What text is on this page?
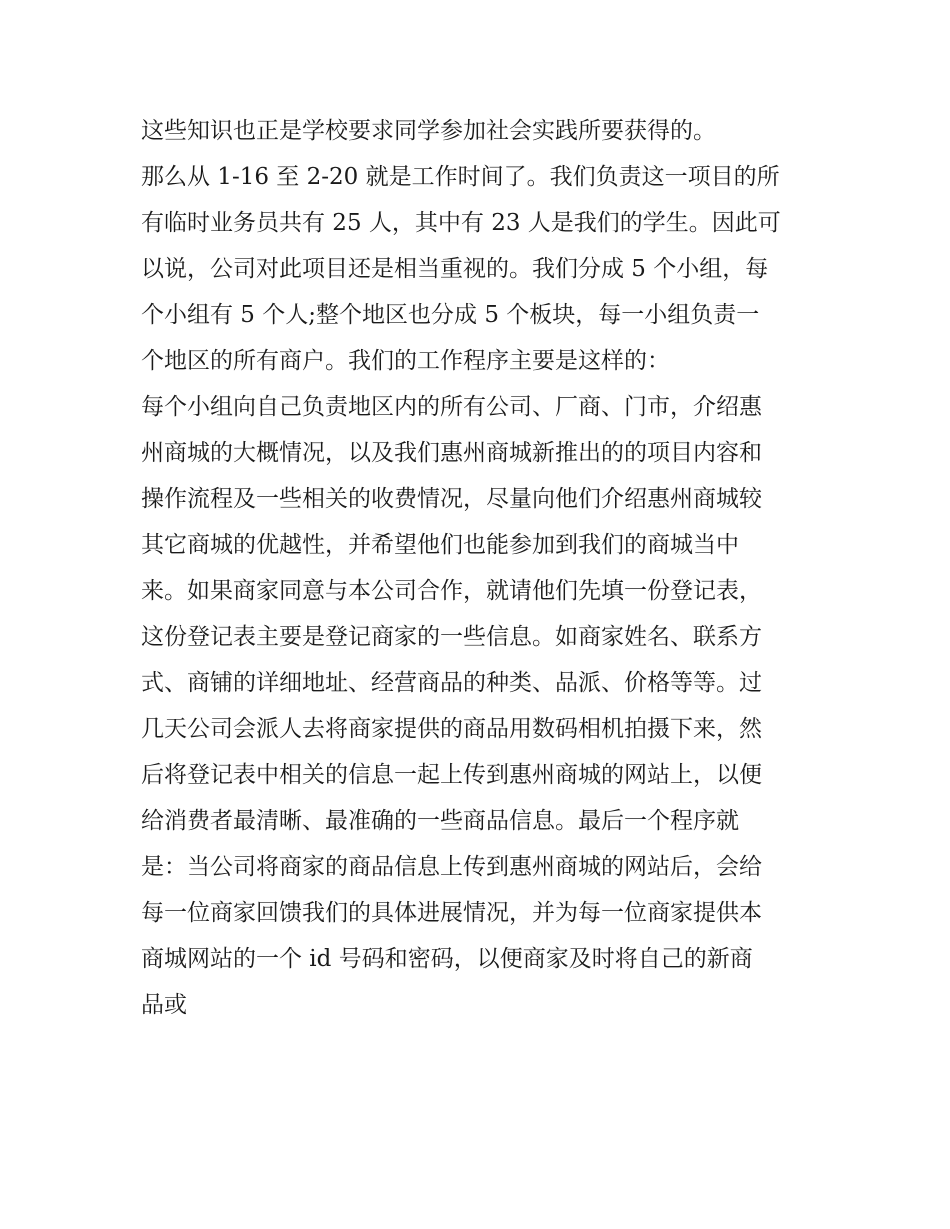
这些知识也正是学校要求同学参加社会实践所要获得的。
那么从 1-16 至 2-20 就是工作时间了。我们负责这一项目的所
有临时业务员共有 25 人，其中有 23 人是我们的学生。因此可
以说，公司对此项目还是相当重视的。我们分成 5 个小组，每
个小组有 5 个人;整个地区也分成 5 个板块，每一小组负责一
个地区的所有商户。我们的工作程序主要是这样的：
每个小组向自己负责地区内的所有公司、厂商、门市，介绍惠
州商城的大概情况，以及我们惠州商城新推出的的项目内容和
操作流程及一些相关的收费情况，尽量向他们介绍惠州商城较
其它商城的优越性，并希望他们也能参加到我们的商城当中
来。如果商家同意与本公司合作，就请他们先填一份登记表，
这份登记表主要是登记商家的一些信息。如商家姓名、联系方
式、商铺的详细地址、经营商品的种类、品派、价格等等。过
几天公司会派人去将商家提供的商品用数码相机拍摄下来，然
后将登记表中相关的信息一起上传到惠州商城的网站上，以便
给消费者最清晰、最准确的一些商品信息。最后一个程序就
是：当公司将商家的商品信息上传到惠州商城的网站后，会给
每一位商家回馈我们的具体进展情况，并为每一位商家提供本
商城网站的一个 id 号码和密码，以便商家及时将自己的新商
品或
